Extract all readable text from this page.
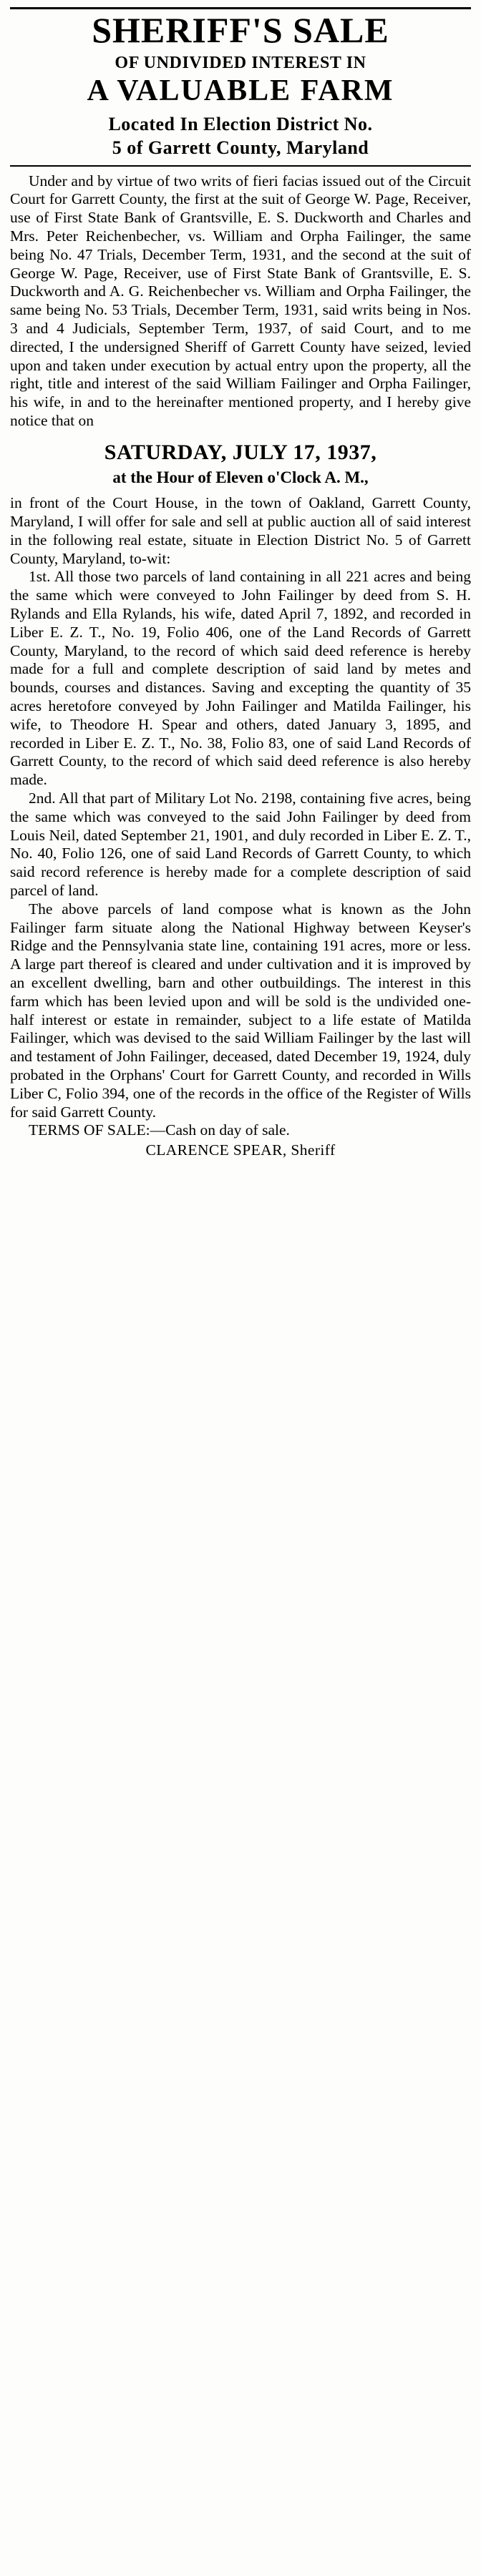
SHERIFF'S SALE
OF UNDIVIDED INTEREST IN
A VALUABLE FARM
Located In Election District No.
5 of Garrett County, Maryland

Under and by virtue of two writs of fieri facias issued out of the Circuit Court for Garrett County, the first at the suit of George W. Page, Receiver, use of First State Bank of Grantsville, E. S. Duckworth and Charles and Mrs. Peter Reichenbecher, vs. William and Orpha Failinger, the same being No. 47 Trials, December Term, 1931, and the second at the suit of George W. Page, Receiver, use of First State Bank of Grantsville, E. S. Duckworth and A. G. Reichenbecher vs. William and Orpha Failinger, the same being No. 53 Trials, December Term, 1931, said writs being in Nos. 3 and 4 Judicials, September Term, 1937, of said Court, and to me directed, I the undersigned Sheriff of Garrett County have seized, levied upon and taken under execution by actual entry upon the property, all the right, title and interest of the said William Failinger and Orpha Failinger, his wife, in and to the hereinafter mentioned property, and I hereby give notice that on

SATURDAY, JULY 17, 1937,
at the Hour of Eleven o'Clock A. M.,

in front of the Court House, in the town of Oakland, Garrett County, Maryland, I will offer for sale and sell at public auction all of said interest in the following real estate, situate in Election District No. 5 of Garrett County, Maryland, to-wit:

1st. All those two parcels of land containing in all 221 acres and being the same which were conveyed to John Failinger by deed from S. H. Rylands and Ella Rylands, his wife, dated April 7, 1892, and recorded in Liber E. Z. T., No. 19, Folio 406, one of the Land Records of Garrett County, Maryland, to the record of which said deed reference is hereby made for a full and complete description of said land by metes and bounds, courses and distances. Saving and excepting the quantity of 35 acres heretofore conveyed by John Failinger and Matilda Failinger, his wife, to Theodore H. Spear and others, dated January 3, 1895, and recorded in Liber E. Z. T., No. 38, Folio 83, one of said Land Records of Garrett County, to the record of which said deed reference is also hereby made.

2nd. All that part of Military Lot No. 2198, containing five acres, being the same which was conveyed to the said John Failinger by deed from Louis Neil, dated September 21, 1901, and duly recorded in Liber E. Z. T., No. 40, Folio 126, one of said Land Records of Garrett County, to which said record reference is hereby made for a complete description of said parcel of land.

The above parcels of land compose what is known as the John Failinger farm situate along the National Highway between Keyser's Ridge and the Pennsylvania state line, containing 191 acres, more or less. A large part thereof is cleared and under cultivation and it is improved by an excellent dwelling, barn and other outbuildings. The interest in this farm which has been levied upon and will be sold is the undivided one-half interest or estate in remainder, subject to a life estate of Matilda Failinger, which was devised to the said William Failinger by the last will and testament of John Failinger, deceased, dated December 19, 1924, duly probated in the Orphans' Court for Garrett County, and recorded in Wills Liber C, Folio 394, one of the records in the office of the Register of Wills for said Garrett County.

TERMS OF SALE:—Cash on day of sale.

CLARENCE SPEAR, Sheriff
